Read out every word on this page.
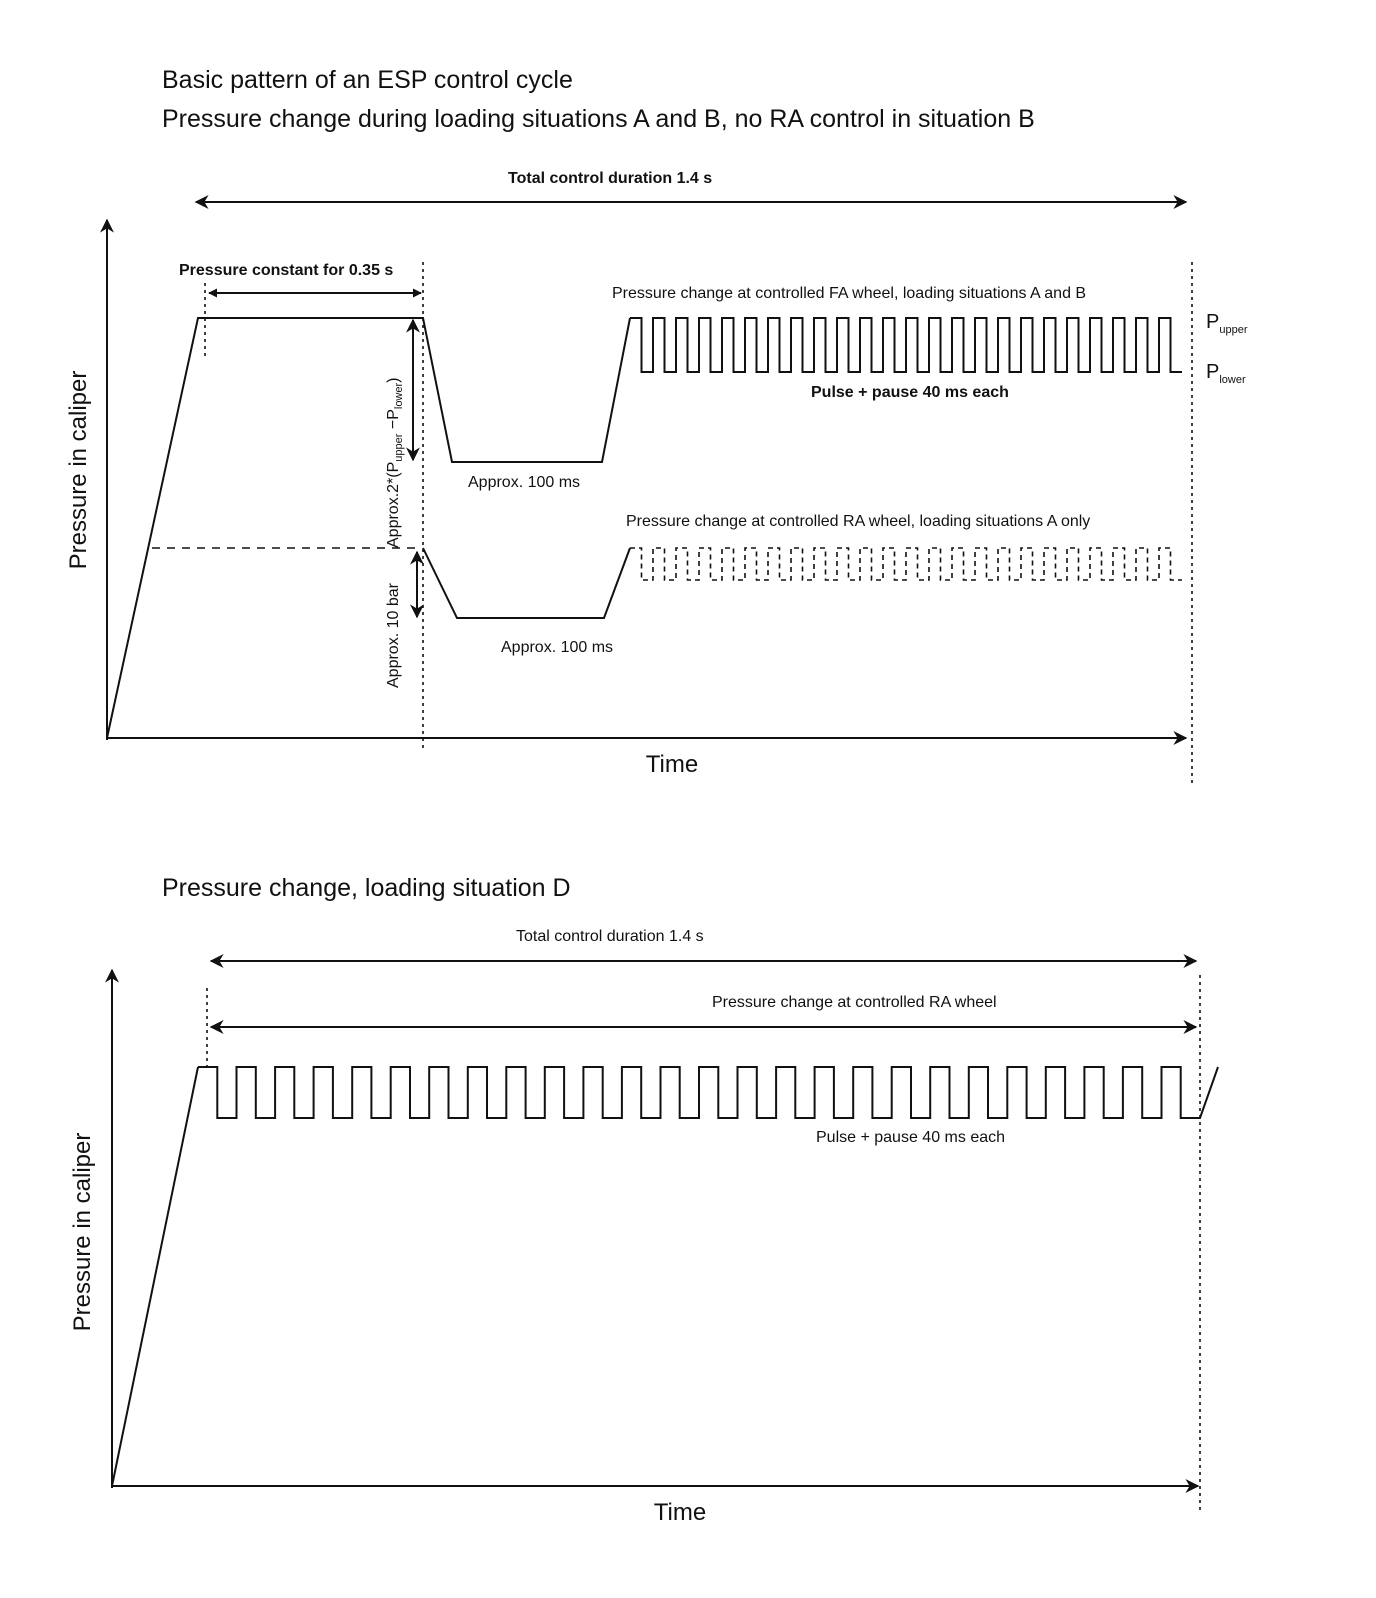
Basic pattern of an ESP control cycle
Pressure change during loading situations A and B, no RA control in situation B
Total control duration 1.4 s
Pressure in caliper
Time
Pressure constant for 0.35 s
Pressure change at controlled FA wheel, loading situations A and B
Pressure change at controlled RA wheel, loading situations A only
Pulse + pause 40 ms each
$P_{upper}$
$P_{lower}$
Approx. 100 ms
Approx. 100 ms
$Approx.2*(P_{upper} -P_{lower})$
Approx. 10 bar
Pressure change, loading situation D
Total control duration 1.4 s
Pressure change at controlled RA wheel
Pressure in caliper
Time
Pulse + pause 40 ms each
